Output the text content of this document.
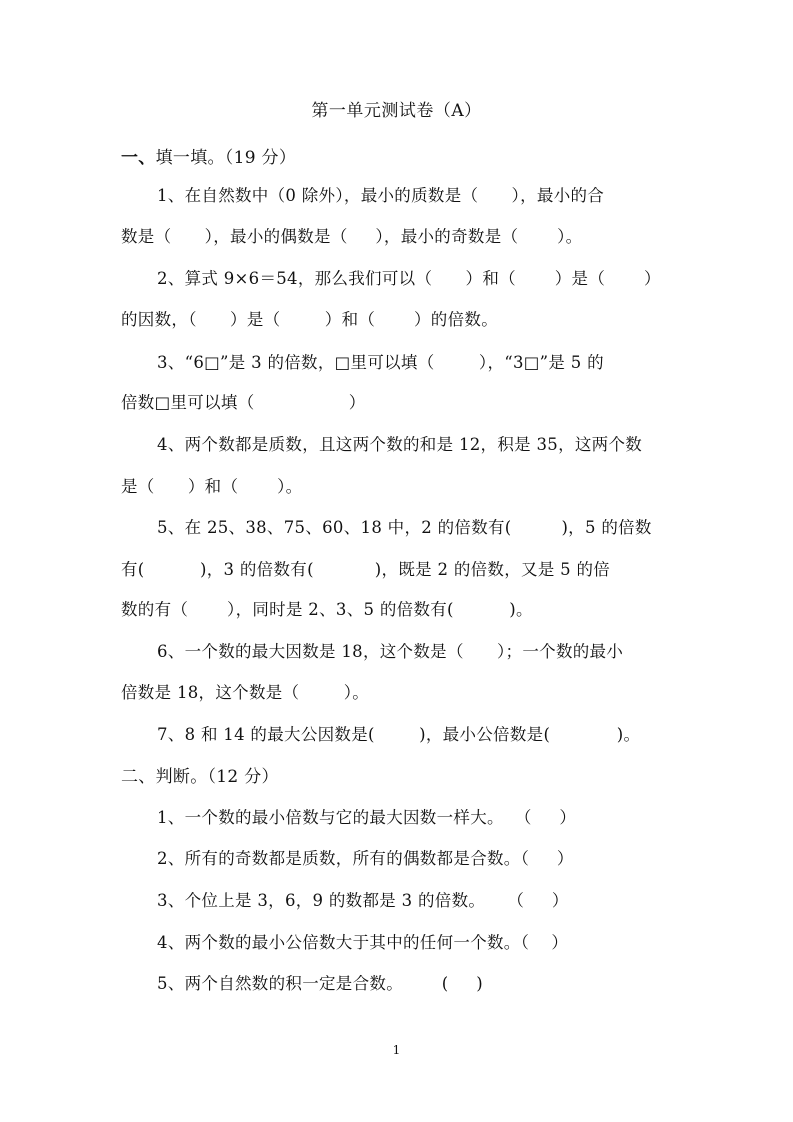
第一单元测试卷（A）
一、填一填。（19 分）
1、在自然数中（0 除外），最小的质数是（      ），最小的合
数是（      ），最小的偶数是（     ），最小的奇数是（       ）。
2、算式 9×6＝54，那么我们可以（      ）和（       ）是（       ）
的因数，（      ）是（        ）和（       ）的倍数。
3、“6□”是 3 的倍数，□里可以填（        ），“3□”是 5 的
倍数□里可以填（                 ）
4、两个数都是质数，且这两个数的和是 12，积是 35，这两个数
是（      ）和（       ）。
5、在 25、38、75、60、18 中，2 的倍数有(         )，5 的倍数
有(          )，3 的倍数有(           )，既是 2 的倍数，又是 5 的倍
数的有（       ），同时是 2、3、5 的倍数有(          )。
6、一个数的最大因数是 18，这个数是（      ）；一个数的最小
倍数是 18，这个数是（        ）。
7、8 和 14 的最大公因数是(        )，最小公倍数是(            )。
二、判断。（12 分）
1、一个数的最小倍数与它的最大因数一样大。  （     ）
2、所有的奇数都是质数，所有的偶数都是合数。（     ）
3、个位上是 3，6，9 的数都是 3 的倍数。    （     ）
4、两个数的最小公倍数大于其中的任何一个数。（    ）
5、两个自然数的积一定是合数。       (     )
1
